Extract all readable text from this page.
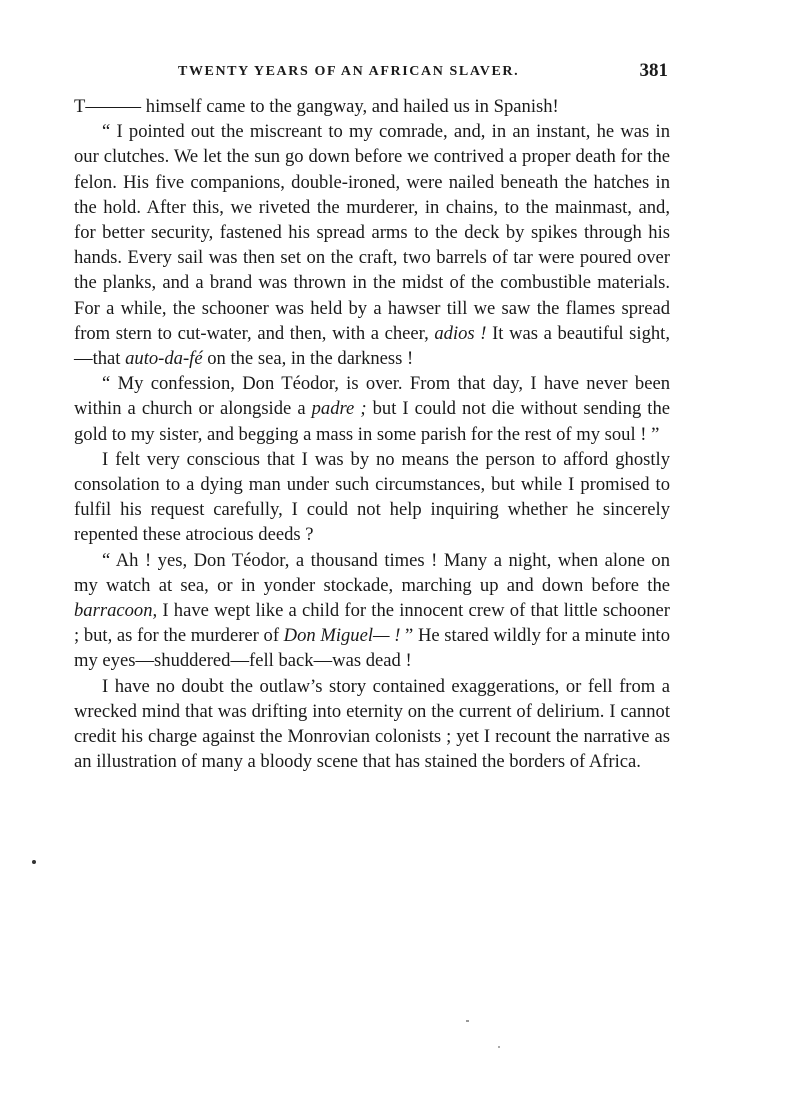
TWENTY YEARS OF AN AFRICAN SLAVER.	381

T——— himself came to the gangway, and hailed us in Spanish!

“ I pointed out the miscreant to my comrade, and, in an instant, he was in our clutches. We let the sun go down before we contrived a proper death for the felon. His five companions, double-ironed, were nailed beneath the hatches in the hold. After this, we riveted the murderer, in chains, to the mainmast, and, for better security, fastened his spread arms to the deck by spikes through his hands. Every sail was then set on the craft, two barrels of tar were poured over the planks, and a brand was thrown in the midst of the combustible materials. For a while, the schooner was held by a hawser till we saw the flames spread from stern to cut-water, and then, with a cheer, adios ! It was a beautiful sight,—that auto-da-fé on the sea, in the darkness !

“ My confession, Don Téodor, is over. From that day, I have never been within a church or alongside a padre ; but I could not die without sending the gold to my sister, and begging a mass in some parish for the rest of my soul ! ”

I felt very conscious that I was by no means the person to afford ghostly consolation to a dying man under such circumstances, but while I promised to fulfil his request carefully, I could not help inquiring whether he sincerely repented these atrocious deeds ?

“ Ah ! yes, Don Téodor, a thousand times ! Many a night, when alone on my watch at sea, or in yonder stockade, marching up and down before the barracoon, I have wept like a child for the innocent crew of that little schooner ; but, as for the murderer of Don Miguel— ! ” He stared wildly for a minute into my eyes—shuddered—fell back—was dead !

I have no doubt the outlaw’s story contained exaggerations, or fell from a wrecked mind that was drifting into eternity on the current of delirium. I cannot credit his charge against the Monrovian colonists ; yet I recount the narrative as an illustration of many a bloody scene that has stained the borders of Africa.
